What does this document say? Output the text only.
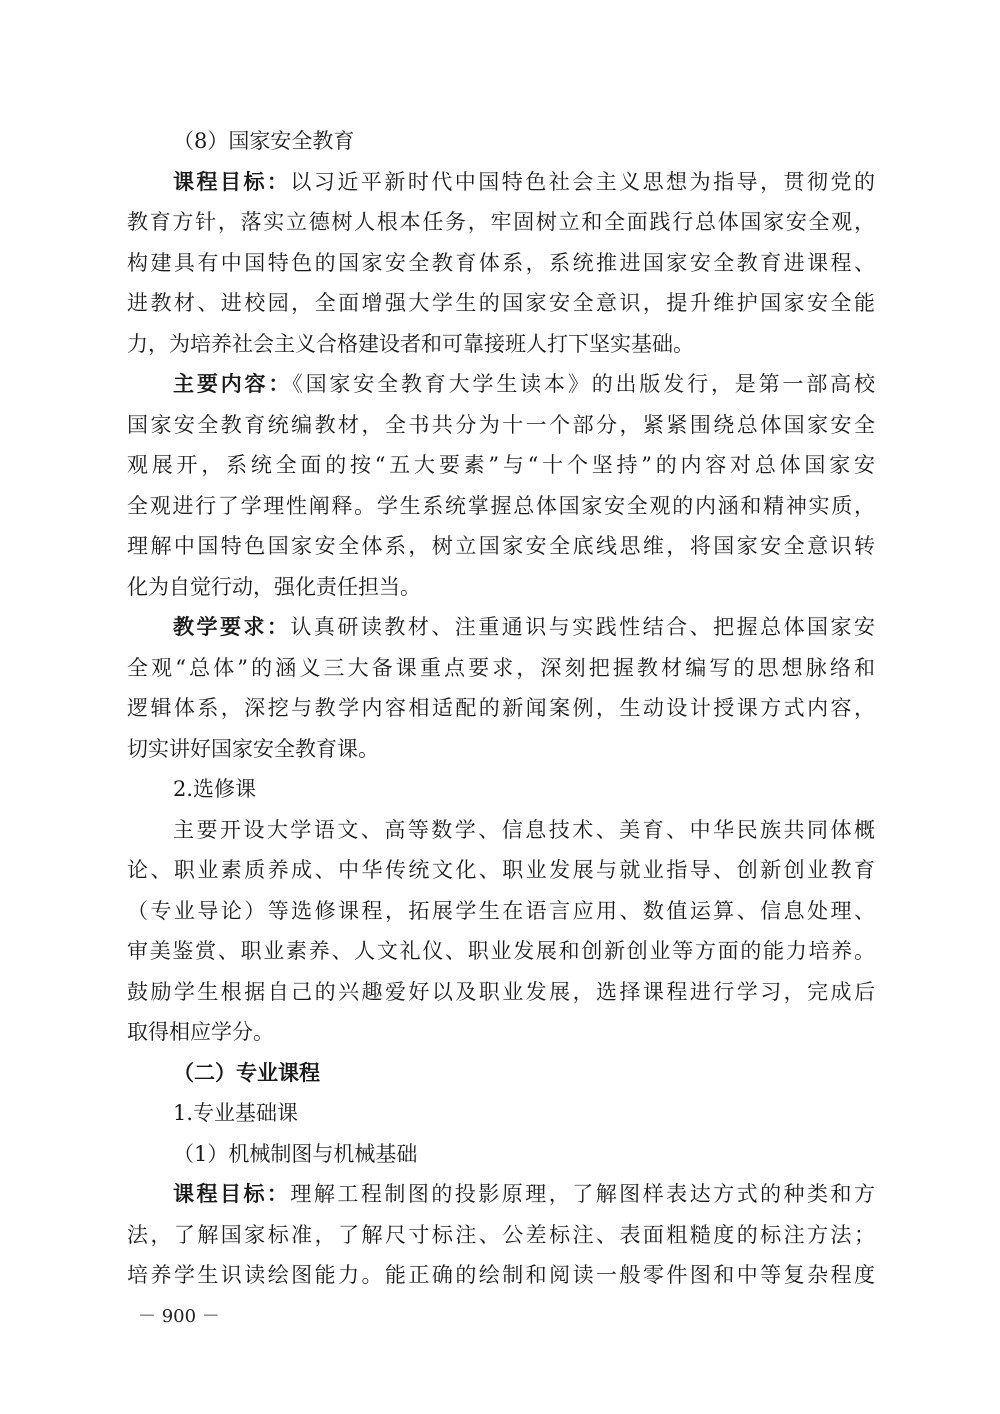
（8）国家安全教育
课程目标：以习近平新时代中国特色社会主义思想为指导，贯彻党的
教育方针，落实立德树人根本任务，牢固树立和全面践行总体国家安全观，
构建具有中国特色的国家安全教育体系，系统推进国家安全教育进课程、
进教材、进校园，全面增强大学生的国家安全意识，提升维护国家安全能
力，为培养社会主义合格建设者和可靠接班人打下坚实基础。
主要内容：《国家安全教育大学生读本》的出版发行，是第一部高校
国家安全教育统编教材，全书共分为十一个部分，紧紧围绕总体国家安全
观展开，系统全面的按“五大要素”与“十个坚持”的内容对总体国家安
全观进行了学理性阐释。学生系统掌握总体国家安全观的内涵和精神实质，
理解中国特色国家安全体系，树立国家安全底线思维，将国家安全意识转
化为自觉行动，强化责任担当。
教学要求：认真研读教材、注重通识与实践性结合、把握总体国家安
全观“总体”的涵义三大备课重点要求，深刻把握教材编写的思想脉络和
逻辑体系，深挖与教学内容相适配的新闻案例，生动设计授课方式内容，
切实讲好国家安全教育课。
2.选修课
主要开设大学语文、高等数学、信息技术、美育、中华民族共同体概
论、职业素质养成、中华传统文化、职业发展与就业指导、创新创业教育
（专业导论）等选修课程，拓展学生在语言应用、数值运算、信息处理、
审美鉴赏、职业素养、人文礼仪、职业发展和创新创业等方面的能力培养。
鼓励学生根据自己的兴趣爱好以及职业发展，选择课程进行学习，完成后
取得相应学分。
（二）专业课程
1.专业基础课
（1）机械制图与机械基础
课程目标：理解工程制图的投影原理，了解图样表达方式的种类和方
法，了解国家标准，了解尺寸标注、公差标注、表面粗糙度的标注方法；
培养学生识读绘图能力。能正确的绘制和阅读一般零件图和中等复杂程度
－ 900 －
